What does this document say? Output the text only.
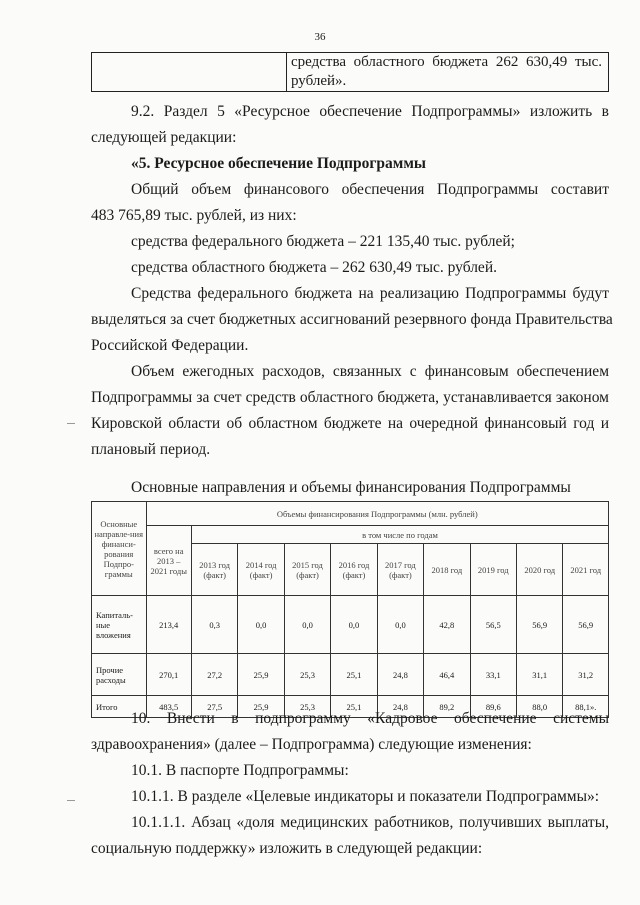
36
	средства областного бюджета 262 630,49 тыс. рублей».
9.2. Раздел 5 «Ресурсное обеспечение Подпрограммы» изложить в
следующей редакции:
«5. Ресурсное обеспечение Подпрограммы
Общий объем финансового обеспечения Подпрограммы составит
483 765,89 тыс. рублей, из них:
средства федерального бюджета – 221 135,40 тыс. рублей;
средства областного бюджета – 262 630,49 тыс. рублей.
Средства федерального бюджета на реализацию Подпрограммы будут
выделяться за счет бюджетных ассигнований резервного фонда Правительства
Российской Федерации.
Объем ежегодных расходов, связанных с финансовым обеспечением
Подпрограммы за счет средств областного бюджета, устанавливается законом
Кировской области об областном бюджете на очередной финансовый год и
плановый период.
Основные направления и объемы финансирования Подпрограммы
Основные направле-ния финанси-рования Подпро-граммы	Объемы финансирования Подпрограммы (млн. рублей)									
	всего на 2013 – 2021 годы	в том числе по годам								
		2013 год (факт)	2014 год (факт)	2015 год (факт)	2016 год (факт)	2017 год (факт)	2018 год	2019 год	2020 год	2021 год
Капиталь-ные вложения	213,4	0,3	0,0	0,0	0,0	0,0	42,8	56,5	56,9	56,9
Прочие расходы	270,1	27,2	25,9	25,3	25,1	24,8	46,4	33,1	31,1	31,2
Итого	483,5	27,5	25,9	25,3	25,1	24,8	89,2	89,6	88,0	88,1».
10. Внести в подпрограмму «Кадровое обеспечение системы
здравоохранения» (далее – Подпрограмма) следующие изменения:
10.1. В паспорте Подпрограммы:
10.1.1. В разделе «Целевые индикаторы и показатели Подпрограммы»:
10.1.1.1. Абзац «доля медицинских работников, получивших выплаты,
социальную поддержку» изложить в следующей редакции:
